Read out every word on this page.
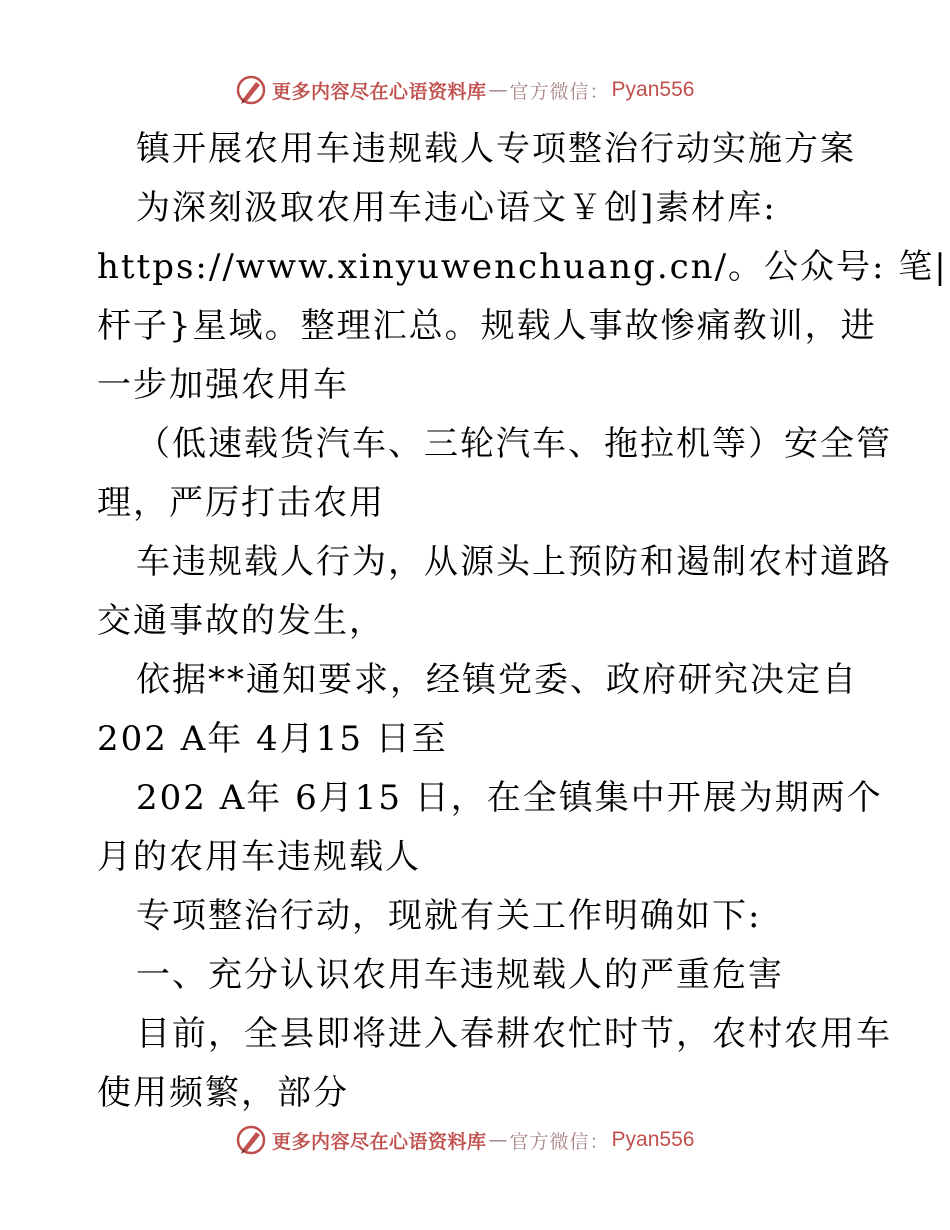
更多内容尽在心语资料库 — 官方微信： Pyan556

镇开展农用车违规载人专项整治行动实施方案

为深刻汲取农用车违心语文￥创]素材库:

https://www.xinyuwenchuang.cn/。公众号: 笔|

杆子}星域。整理汇总。规载人事故惨痛教训，进

一步加强农用车

（低速载货汽车、三轮汽车、拖拉机等）安全管

理，严厉打击农用

车违规载人行为，从源头上预防和遏制农村道路

交通事故的发生，

依据**通知要求，经镇党委、政府研究决定自

202 A年 4月15 日至

202 A年 6月15 日，在全镇集中开展为期两个

月的农用车违规载人

专项整治行动，现就有关工作明确如下:

一、充分认识农用车违规载人的严重危害

目前，全县即将进入春耕农忙时节，农村农用车

使用频繁，部分

更多内容尽在心语资料库 — 官方微信： Pyan556
